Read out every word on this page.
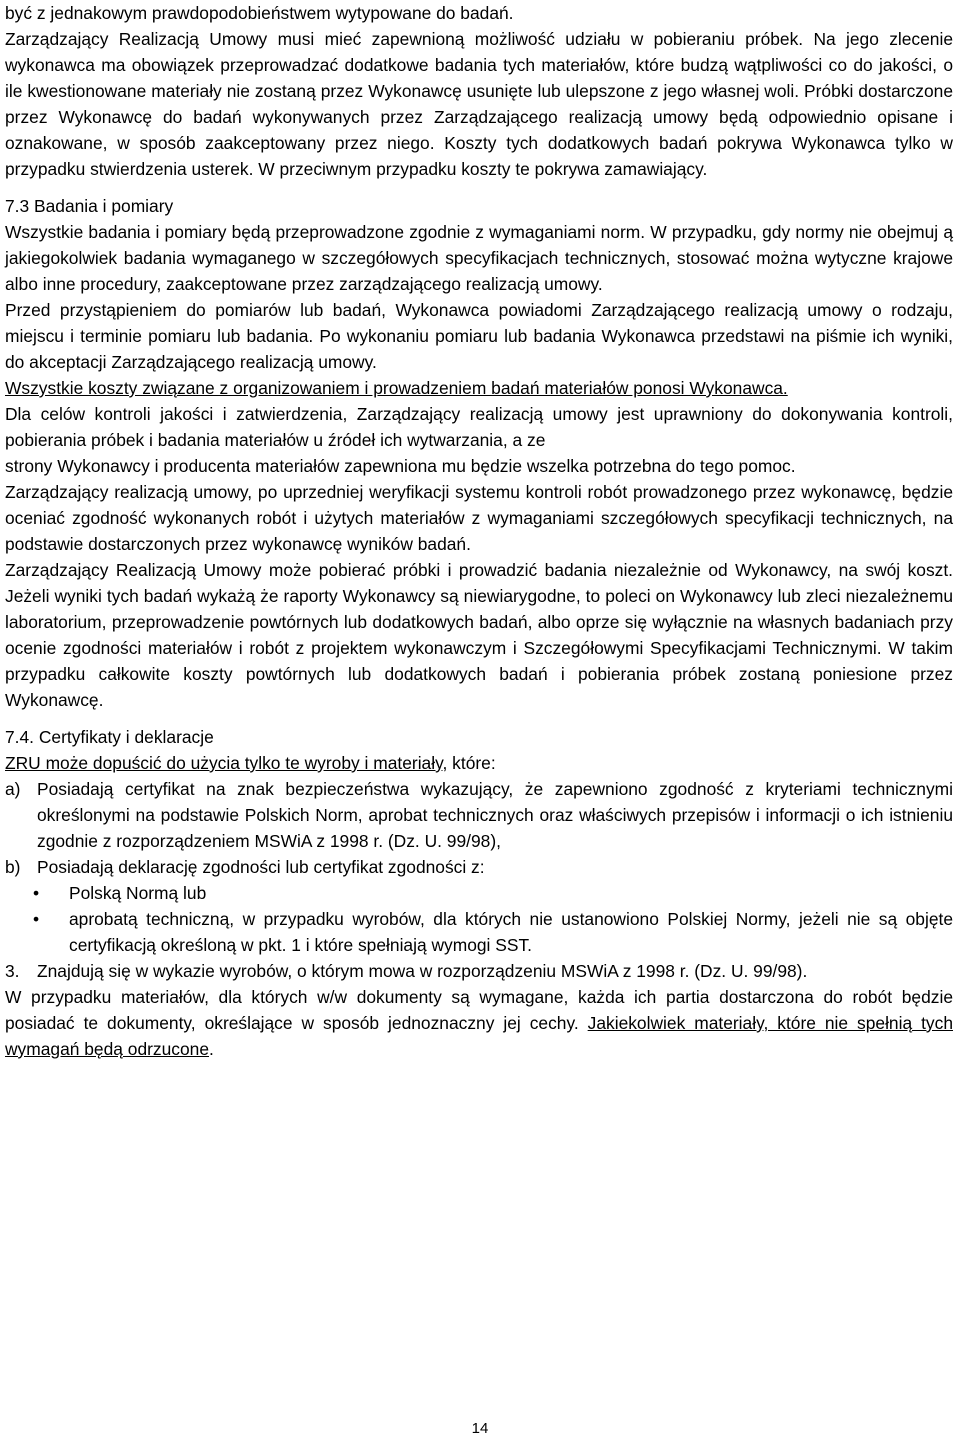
być z jednakowym prawdopodobieństwem wytypowane do badań.

Zarządzający Realizacją Umowy musi mieć zapewnioną możliwość udziału w pobieraniu próbek. Na jego zlecenie wykonawca ma obowiązek przeprowadzać dodatkowe badania tych materiałów, które budzą wątpliwości co do jakości, o ile kwestionowane materiały nie zostaną przez Wykonawcę usunięte lub ulepszone z jego własnej woli. Próbki dostarczone przez Wykonawcę do badań wykonywanych przez Zarządzającego realizacją umowy będą odpowiednio opisane i oznakowane, w sposób zaakceptowany przez niego. Koszty tych dodatkowych badań pokrywa Wykonawca tylko w przypadku stwierdzenia usterek. W przeciwnym przypadku koszty te pokrywa zamawiający.

7.3 Badania i pomiary

Wszystkie badania i pomiary będą przeprowadzone zgodnie z wymaganiami norm. W przypadku, gdy normy nie obejmuj ą jakiegokolwiek badania wymaganego w szczegółowych specyfikacjach technicznych, stosować można wytyczne krajowe albo inne procedury, zaakceptowane przez zarządzającego realizacją umowy.

Przed przystąpieniem do pomiarów lub badań, Wykonawca powiadomi Zarządzającego realizacją umowy o rodzaju, miejscu i terminie pomiaru lub badania. Po wykonaniu pomiaru lub badania Wykonawca przedstawi na piśmie ich wyniki, do akceptacji Zarządzającego realizacją umowy.

Wszystkie koszty związane z organizowaniem i prowadzeniem badań materiałów ponosi Wykonawca.

Dla celów kontroli jakości i zatwierdzenia, Zarządzający realizacją umowy jest uprawniony do dokonywania kontroli, pobierania próbek i badania materiałów u źródeł ich wytwarzania, a ze

strony Wykonawcy i producenta materiałów zapewniona mu będzie wszelka potrzebna do tego pomoc.

Zarządzający realizacją umowy, po uprzedniej weryfikacji systemu kontroli robót prowadzonego przez wykonawcę, będzie oceniać zgodność wykonanych robót i użytych materiałów z wymaganiami szczegółowych specyfikacji technicznych, na podstawie dostarczonych przez wykonawcę wyników badań.

Zarządzający Realizacją Umowy może pobierać próbki i prowadzić badania niezależnie od Wykonawcy, na swój koszt. Jeżeli wyniki tych badań wykażą że raporty Wykonawcy są niewiarygodne, to poleci on Wykonawcy lub zleci niezależnemu laboratorium, przeprowadzenie powtórnych lub dodatkowych badań, albo oprze się wyłącznie na własnych badaniach przy ocenie zgodności materiałów i robót z projektem wykonawczym i Szczegółowymi Specyfikacjami Technicznymi. W takim przypadku całkowite koszty powtórnych lub dodatkowych badań i pobierania próbek zostaną poniesione przez Wykonawcę.

7.4. Certyfikaty i deklaracje

ZRU może dopuścić do użycia tylko te wyroby i materiały, które:

a) Posiadają certyfikat na znak bezpieczeństwa wykazujący, że zapewniono zgodność z kryteriami technicznymi określonymi na podstawie Polskich Norm, aprobat technicznych oraz właściwych przepisów i informacji o ich istnieniu zgodnie z rozporządzeniem MSWiA z 1998 r. (Dz. U. 99/98),

b) Posiadają deklarację zgodności lub certyfikat zgodności z:

•	Polską Normą lub

•	aprobatą techniczną, w przypadku wyrobów, dla których nie ustanowiono Polskiej Normy, jeżeli nie są objęte certyfikacją określoną w pkt. 1 i które spełniają wymogi SST.

3.	Znajdują się w wykazie wyrobów, o którym mowa w rozporządzeniu MSWiA z 1998 r. (Dz. U. 99/98).

W przypadku materiałów, dla których w/w dokumenty są wymagane, każda ich partia dostarczona do robót będzie posiadać te dokumenty, określające w sposób jednoznaczny jej cechy. Jakiekolwiek materiały, które nie spełnią tych wymagań będą odrzucone.

14
